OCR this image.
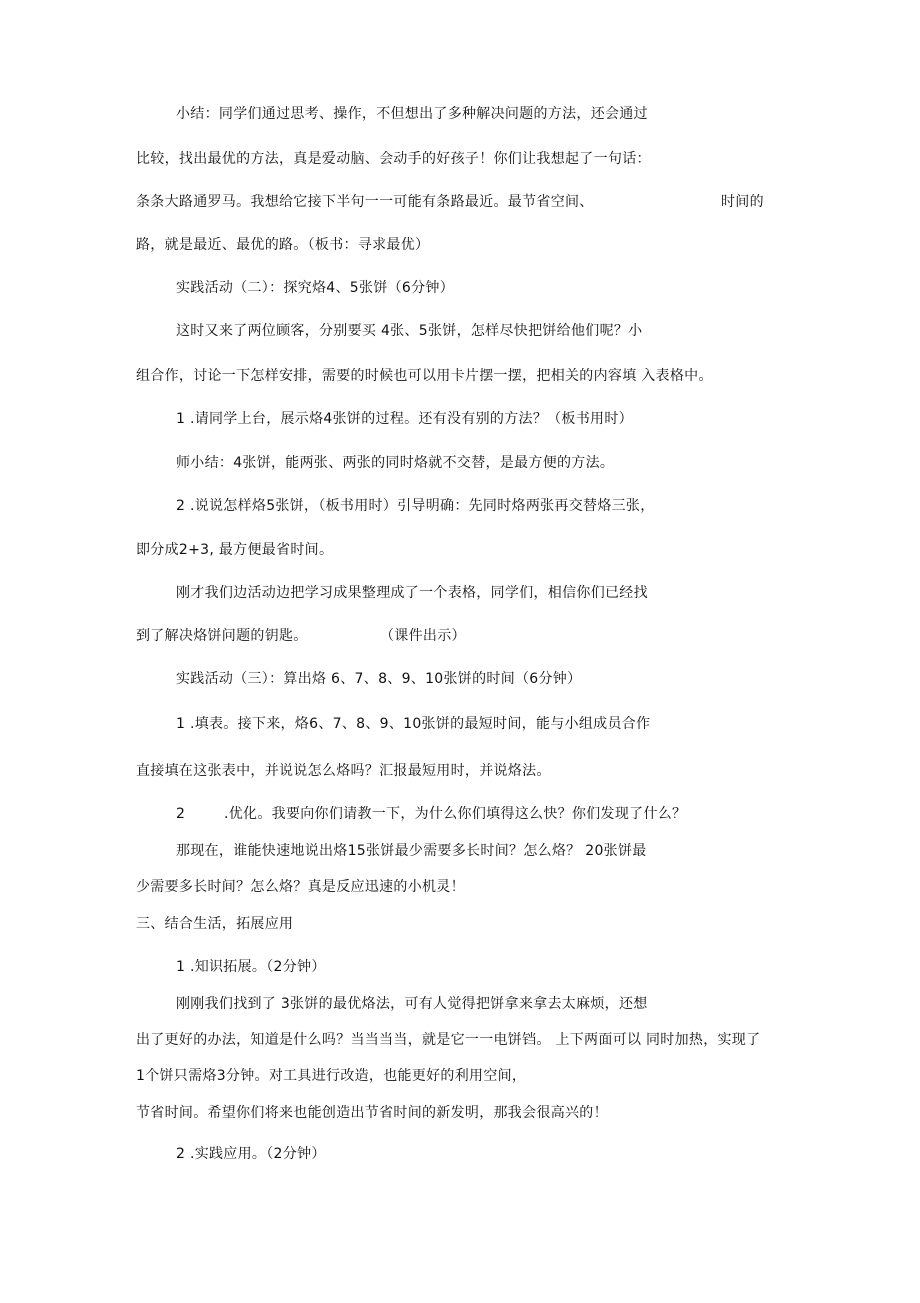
小结：同学们通过思考、操作，不但想出了多种解决问题的方法，还会通过
比较，找出最优的方法，真是爱动脑、会动手的好孩子！你们让我想起了一句话：
条条大路通罗马。我想给它接下半句一一可能有条路最近。最节省空间、	时间的
路，就是最近、最优的路。（板书：寻求最优）
实践活动（二）：探究烙4、5张饼（6分钟）
这时又来了两位顾客，分别要买 4张、5张饼，怎样尽快把饼给他们呢？小
组合作，讨论一下怎样安排，需要的时候也可以用卡片摆一摆，把相关的内容填 入表格中。
1 .请同学上台，展示烙4张饼的过程。还有没有别的方法？（板书用时）
师小结：4张饼，能两张、两张的同时烙就不交替，是最方便的方法。
2 .说说怎样烙5张饼，（板书用时）引导明确：先同时烙两张再交替烙三张，
即分成2+3, 最方便最省时间。
刚才我们边活动边把学习成果整理成了一个表格，同学们，相信你们已经找
到了解决烙饼问题的钥匙。	（课件出示）
实践活动（三）：算出烙 6、7、8、9、10张饼的时间（6分钟）
1 .填表。接下来，烙6、7、8、9、10张饼的最短时间，能与小组成员合作
直接填在这张表中，并说说怎么烙吗？汇报最短用时，并说烙法。
2	.优化。我要向你们请教一下，为什么你们填得这么快？你们发现了什么？
那现在，谁能快速地说出烙15张饼最少需要多长时间？怎么烙？ 20张饼最
少需要多长时间？怎么烙？真是反应迅速的小机灵！
三、结合生活，拓展应用
1 .知识拓展。（2分钟）
刚刚我们找到了 3张饼的最优烙法，可有人觉得把饼拿来拿去太麻烦，还想
出了更好的办法，知道是什么吗？当当当当，就是它一一电饼铛。 上下两面可以 同时加热，实现了
1个饼只需烙3分钟。对工具进行改造，也能更好的利用空间，
节省时间。希望你们将来也能创造出节省时间的新发明，那我会很高兴的！
2 .实践应用。（2分钟）
